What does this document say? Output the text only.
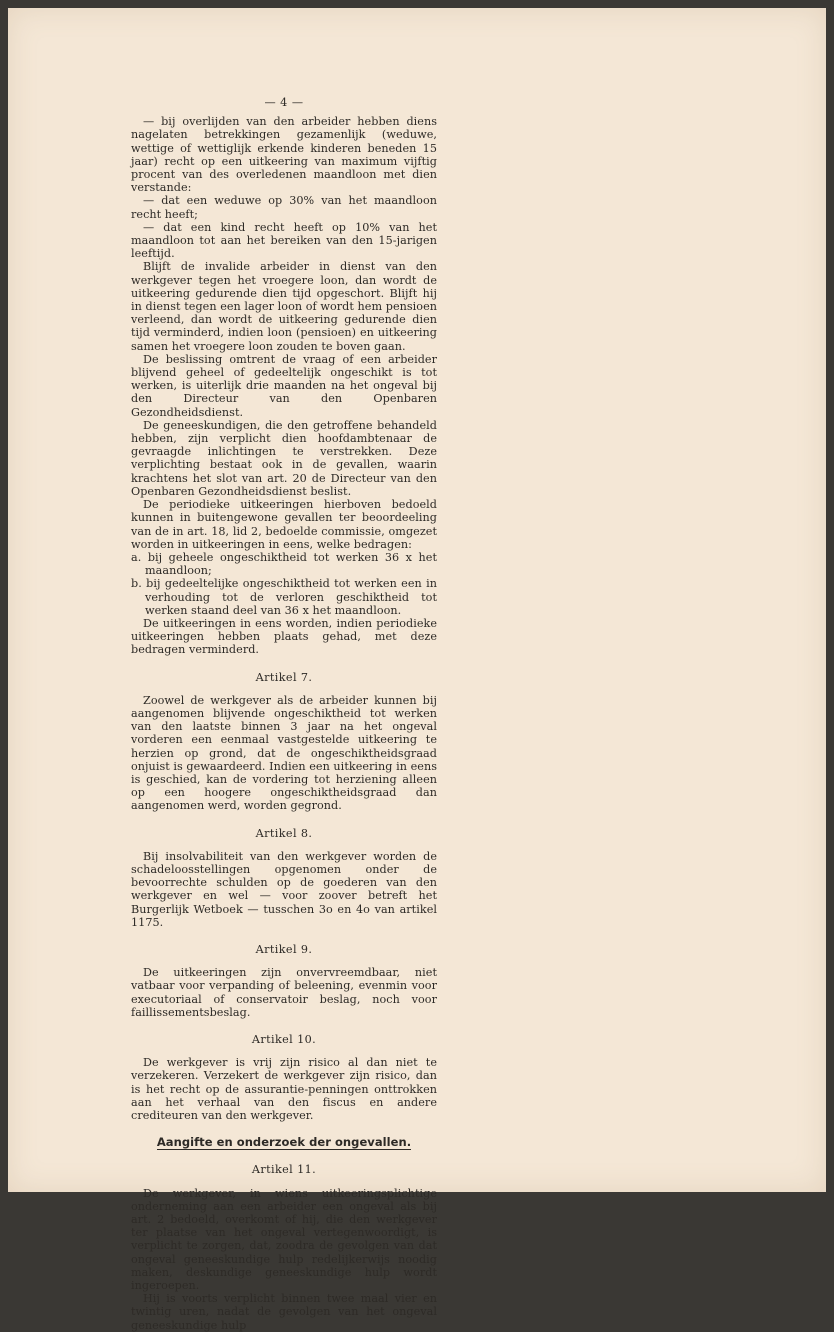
— 4 —

— bij overlijden van den arbeider hebben diens nagelaten betrekkingen gezamenlijk (weduwe, wettige of wettiglijk erkende kinderen beneden 15 jaar) recht op een uitkeering van maximum vijftig procent van des overledenen maandloon met dien verstande:

— dat een weduwe op 30% van het maandloon recht heeft;

— dat een kind recht heeft op 10% van het maandloon tot aan het bereiken van den 15-jarigen leeftijd.

Blijft de invalide arbeider in dienst van den werkgever tegen het vroegere loon, dan wordt de uitkeering gedurende dien tijd opgeschort. Blijft hij in dienst tegen een lager loon of wordt hem pensioen verleend, dan wordt de uitkeering gedurende dien tijd verminderd, indien loon (pensioen) en uitkeering samen het vroegere loon zouden te boven gaan.

De beslissing omtrent de vraag of een arbeider blijvend geheel of gedeeltelijk ongeschikt is tot werken, is uiterlijk drie maanden na het ongeval bij den Directeur van den Openbaren Gezondheidsdienst.

De geneeskundigen, die den getroffene behandeld hebben, zijn verplicht dien hoofdambtenaar de gevraagde inlichtingen te verstrekken. Deze verplichting bestaat ook in de gevallen, waarin krachtens het slot van art. 20 de Directeur van den Openbaren Gezondheidsdienst beslist.

De periodieke uitkeeringen hierboven bedoeld kunnen in buitengewone gevallen ter beoordeeling van de in art. 18, lid 2, bedoelde commissie, omgezet worden in uitkeeringen in eens, welke bedragen:

a. bij geheele ongeschiktheid tot werken 36 x het maandloon;

b. bij gedeeltelijke ongeschiktheid tot werken een in verhouding tot de verloren geschiktheid tot werken staand deel van 36 x het maandloon.

De uitkeeringen in eens worden, indien periodieke uitkeeringen hebben plaats gehad, met deze bedragen verminderd.

Artikel 7.

Zoowel de werkgever als de arbeider kunnen bij aangenomen blijvende ongeschiktheid tot werken van den laatste binnen 3 jaar na het ongeval vorderen een eenmaal vastgestelde uitkeering te herzien op grond, dat de ongeschiktheidsgraad onjuist is gewaardeerd. Indien een uitkeering in eens is geschied, kan de vordering tot herziening alleen op een hoogere ongeschiktheidsgraad dan aangenomen werd, worden gegrond.

Artikel 8.

Bij insolvabiliteit van den werkgever worden de schadeloosstellingen opgenomen onder de bevoorrechte schulden op de goederen van den werkgever en wel — voor zoover betreft het Burgerlijk Wetboek — tusschen 3o en 4o van artikel 1175.

Artikel 9.

De uitkeeringen zijn onvervreemdbaar, niet vatbaar voor verpanding of beleening, evenmin voor executoriaal of conservatoir beslag, noch voor faillissementsbeslag.

Artikel 10.

De werkgever is vrij zijn risico al dan niet te verzekeren. Verzekert de werkgever zijn risico, dan is het recht op de assurantie-penningen onttrokken aan het verhaal van den fiscus en andere crediteuren van den werkgever.

Aangifte en onderzoek der ongevallen.
Artikel 11.

De werkgever, in wiens uitkeeringsplichtige onderneming aan een arbeider een ongeval als bij art. 2 bedoeld, overkomt of hij, die den werkgever ter plaatse van het ongeval vertegenwoordigt, is verplicht te zorgen, dat, zoodra de gevolgen van dat ongeval geneeskundige hulp redelijkerwijs noodig maken, deskundige geneeskundige hulp wordt ingeroepen.

Hij is voorts verplicht binnen twee maal vier en twintig uren, nadat de gevolgen van het ongeval geneeskundige hulp
